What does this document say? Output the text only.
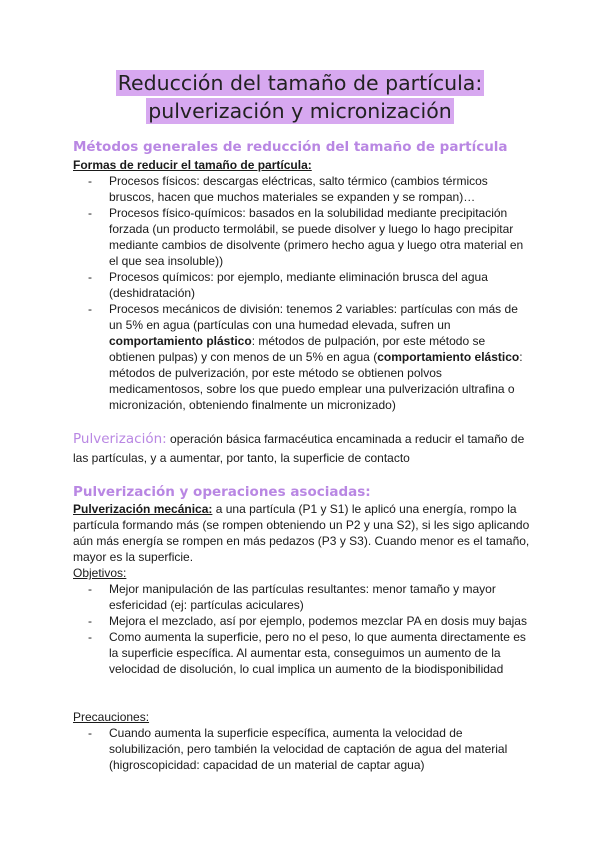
Reducción del tamaño de partícula:
pulverización y micronización
Métodos generales de reducción del tamaño de partícula

Formas de reducir el tamaño de partícula:

- Procesos físicos: descargas eléctricas, salto térmico (cambios térmicos bruscos, hacen que muchos materiales se expanden y se rompan)…
- Procesos físico-químicos: basados en la solubilidad mediante precipitación forzada (un producto termolábil, se puede disolver y luego lo hago precipitar mediante cambios de disolvente (primero hecho agua y luego otra material en el que sea insoluble))
- Procesos químicos: por ejemplo, mediante eliminación brusca del agua (deshidratación)
- Procesos mecánicos de división: tenemos 2 variables: partículas con más de un 5% en agua (partículas con una humedad elevada, sufren un comportamiento plástico: métodos de pulpación, por este método se obtienen pulpas) y con menos de un 5% en agua (comportamiento elástico: métodos de pulverización, por este método se obtienen polvos medicamentosos, sobre los que puedo emplear una pulverización ultrafina o micronización, obteniendo finalmente un micronizado)

Pulverización: operación básica farmacéutica encaminada a reducir el tamaño de las partículas, y a aumentar, por tanto, la superficie de contacto

Pulverización y operaciones asociadas:

Pulverización mecánica: a una partícula (P1 y S1) le aplicó una energía, rompo la partícula formando más (se rompen obteniendo un P2 y una S2), si les sigo aplicando aún más energía se rompen en más pedazos (P3 y S3). Cuando menor es el tamaño, mayor es la superficie.

Objetivos:

- Mejor manipulación de las partículas resultantes: menor tamaño y mayor esfericidad (ej: partículas aciculares)
- Mejora el mezclado, así por ejemplo, podemos mezclar PA en dosis muy bajas
- Como aumenta la superficie, pero no el peso, lo que aumenta directamente es la superficie específica. Al aumentar esta, conseguimos un aumento de la velocidad de disolución, lo cual implica un aumento de la biodisponibilidad

Precauciones:

- Cuando aumenta la superficie específica, aumenta la velocidad de solubilización, pero también la velocidad de captación de agua del material (higroscopicidad: capacidad de un material de captar agua)
